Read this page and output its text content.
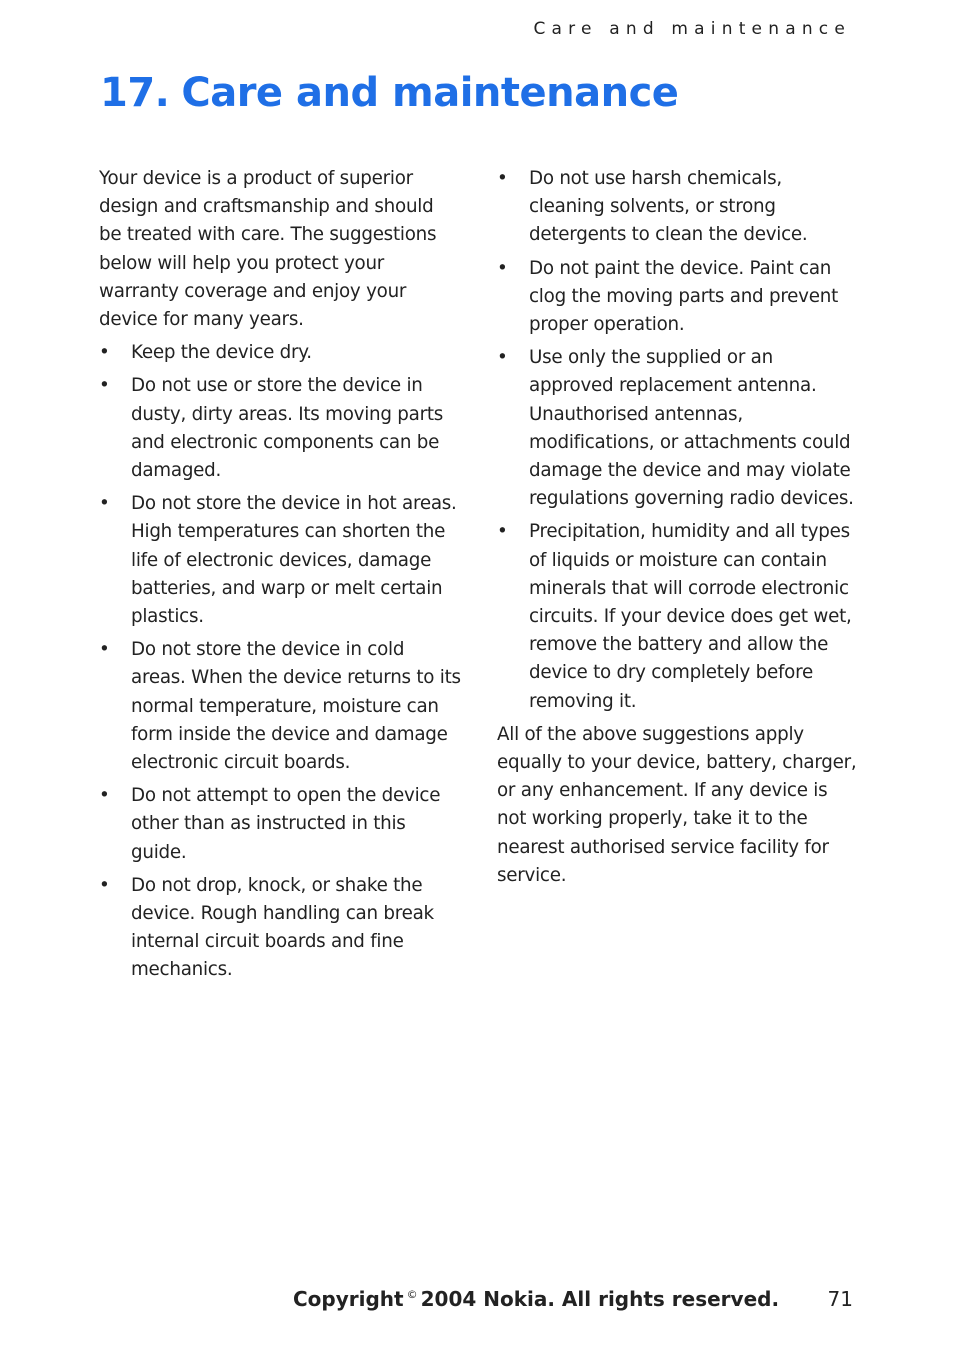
Care and maintenance
17. Care and maintenance

Your device is a product of superior design and craftsmanship and should be treated with care. The suggestions below will help you protect your warranty coverage and enjoy your device for many years.

•	Keep the device dry.
•	Do not use or store the device in dusty, dirty areas. Its moving parts and electronic components can be damaged.
•	Do not store the device in hot areas. High temperatures can shorten the life of electronic devices, damage batteries, and warp or melt certain plastics.
•	Do not store the device in cold areas. When the device returns to its normal temperature, moisture can form inside the device and damage electronic circuit boards.
•	Do not attempt to open the device other than as instructed in this guide.
•	Do not drop, knock, or shake the device. Rough handling can break internal circuit boards and fine mechanics.
•	Do not use harsh chemicals, cleaning solvents, or strong detergents to clean the device.
•	Do not paint the device. Paint can clog the moving parts and prevent proper operation.
•	Use only the supplied or an approved replacement antenna. Unauthorised antennas, modifications, or attachments could damage the device and may violate regulations governing radio devices.
•	Precipitation, humidity and all types of liquids or moisture can contain minerals that will corrode electronic circuits. If your device does get wet, remove the battery and allow the device to dry completely before removing it.

All of the above suggestions apply equally to your device, battery, charger, or any enhancement. If any device is not working properly, take it to the nearest authorised service facility for service.

Copyright © 2004 Nokia. All rights reserved. 71
